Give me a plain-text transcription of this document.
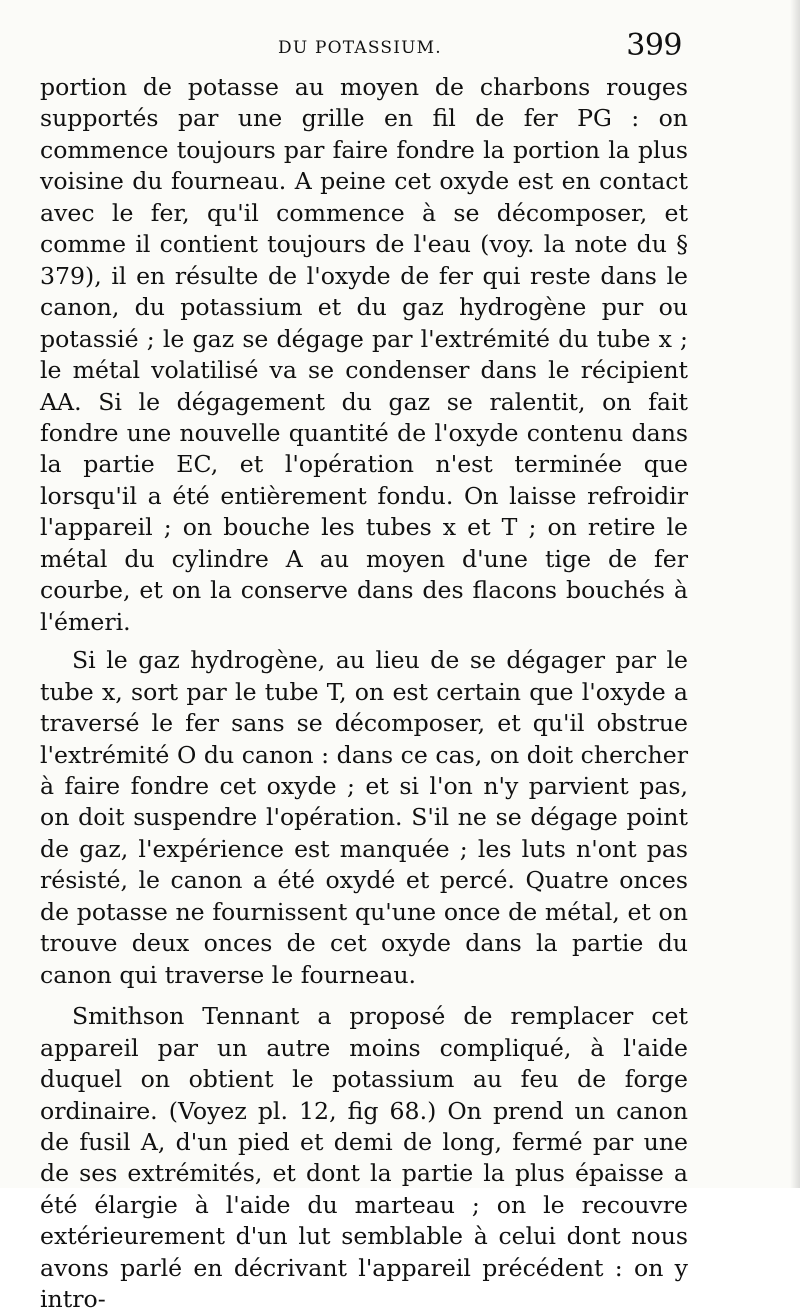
DU POTASSIUM.	399

portion de potasse au moyen de charbons rouges supportés par une grille en fil de fer PG : on commence toujours par faire fondre la portion la plus voisine du fourneau. A peine cet oxyde est en contact avec le fer, qu'il commence à se décomposer, et comme il contient toujours de l'eau (voy. la note du § 379), il en résulte de l'oxyde de fer qui reste dans le canon, du potassium et du gaz hydrogène pur ou potassié ; le gaz se dégage par l'extrémité du tube x ; le métal volatilisé va se condenser dans le récipient AA. Si le dégagement du gaz se ralentit, on fait fondre une nouvelle quantité de l'oxyde contenu dans la partie EC, et l'opération n'est terminée que lorsqu'il a été entièrement fondu. On laisse refroidir l'appareil ; on bouche les tubes x et T ; on retire le métal du cylindre A au moyen d'une tige de fer courbe, et on la conserve dans des flacons bouchés à l'émeri.

Si le gaz hydrogène, au lieu de se dégager par le tube x, sort par le tube T, on est certain que l'oxyde a traversé le fer sans se décomposer, et qu'il obstrue l'extrémité O du canon : dans ce cas, on doit chercher à faire fondre cet oxyde ; et si l'on n'y parvient pas, on doit suspendre l'opération. S'il ne se dégage point de gaz, l'expérience est manquée ; les luts n'ont pas résisté, le canon a été oxydé et percé. Quatre onces de potasse ne fournissent qu'une once de métal, et on trouve deux onces de cet oxyde dans la partie du canon qui traverse le fourneau.

Smithson Tennant a proposé de remplacer cet appareil par un autre moins compliqué, à l'aide duquel on obtient le potassium au feu de forge ordinaire. (Voyez pl. 12, fig 68.) On prend un canon de fusil A, d'un pied et demi de long, fermé par une de ses extrémités, et dont la partie la plus épaisse a été élargie à l'aide du marteau ; on le recouvre extérieurement d'un lut semblable à celui dont nous avons parlé en décrivant l'appareil précédent : on y intro-
